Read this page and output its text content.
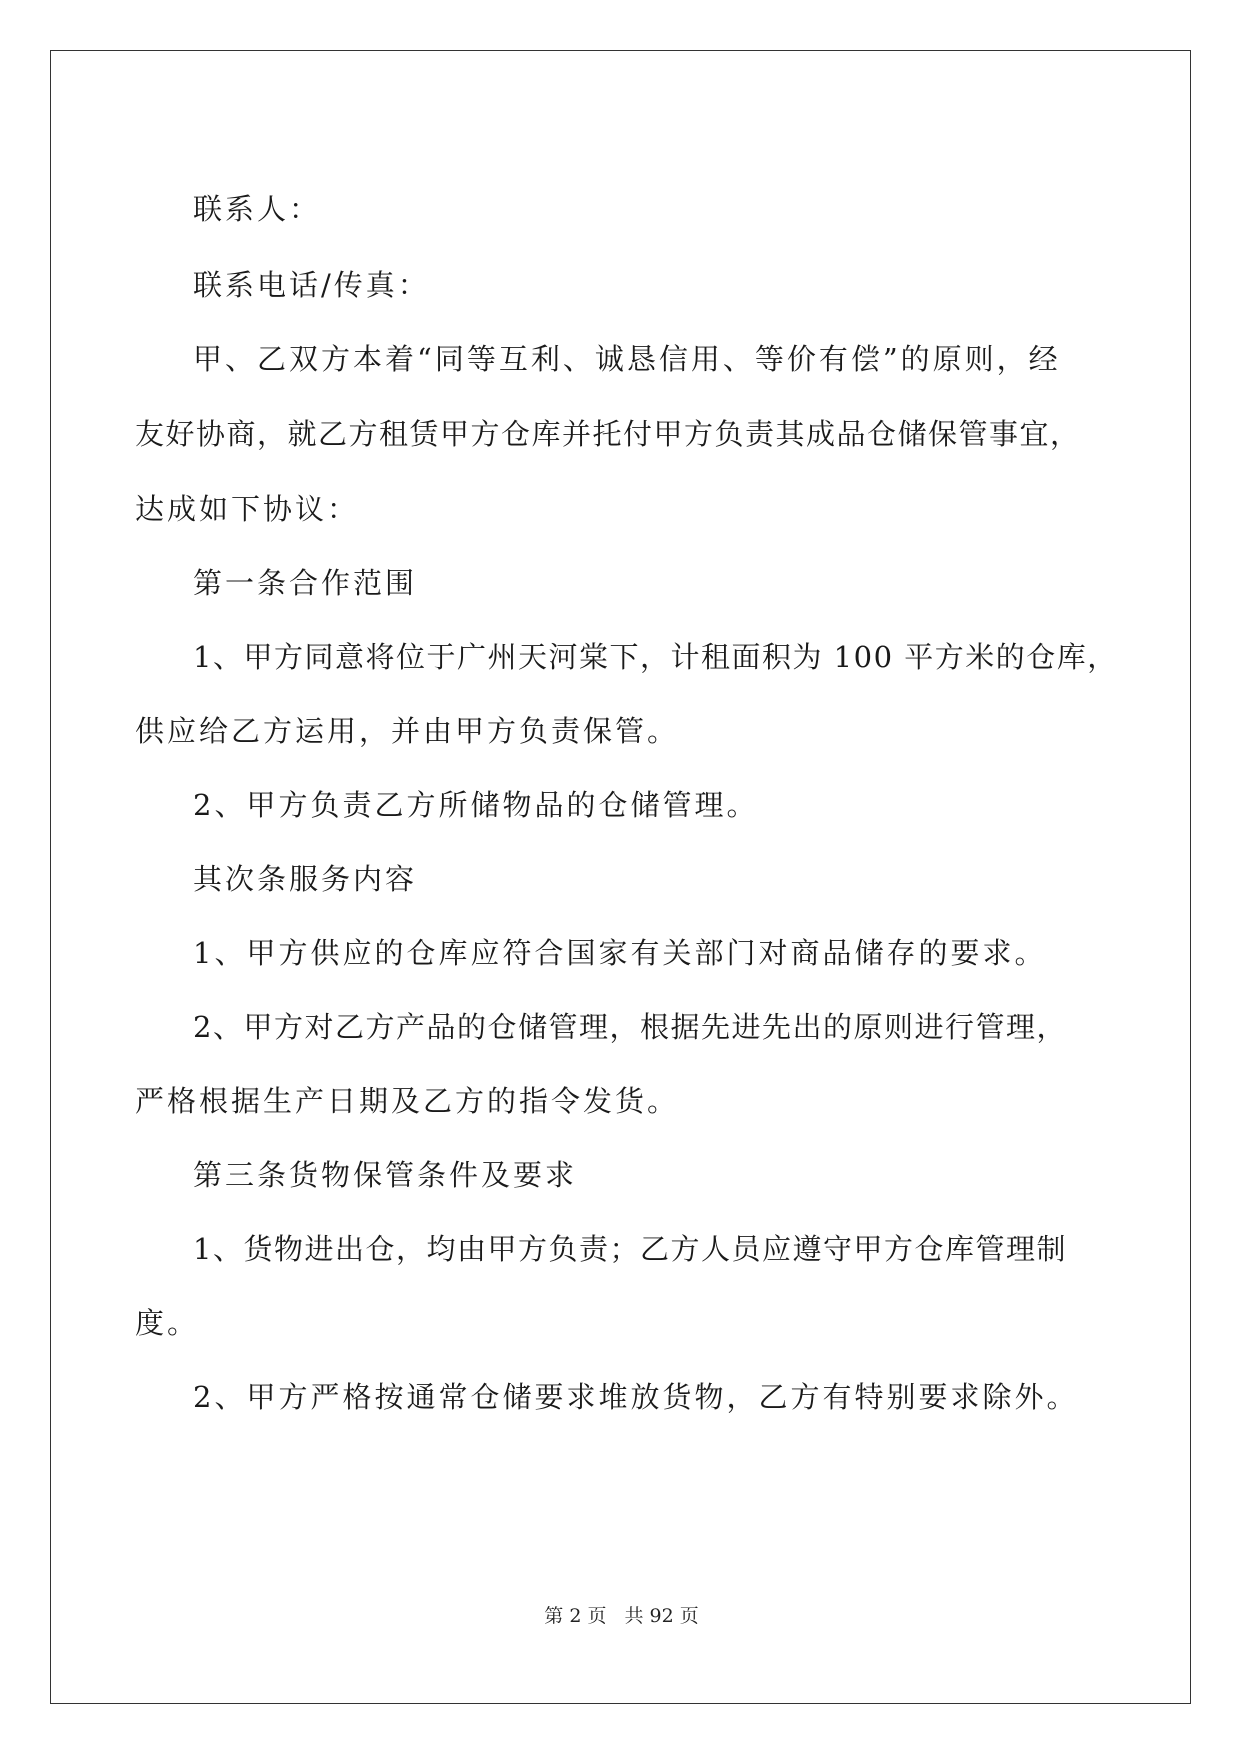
联系人：
联系电话/传真：
甲、乙双方本着“同等互利、诚恳信用、等价有偿”的原则，经
友好协商，就乙方租赁甲方仓库并托付甲方负责其成品仓储保管事宜，
达成如下协议：
第一条合作范围
1、甲方同意将位于广州天河棠下，计租面积为 100 平方米的仓库，
供应给乙方运用，并由甲方负责保管。
2、甲方负责乙方所储物品的仓储管理。
其次条服务内容
1、甲方供应的仓库应符合国家有关部门对商品储存的要求。
2、甲方对乙方产品的仓储管理，根据先进先出的原则进行管理，
严格根据生产日期及乙方的指令发货。
第三条货物保管条件及要求
1、货物进出仓，均由甲方负责；乙方人员应遵守甲方仓库管理制
度。
2、甲方严格按通常仓储要求堆放货物，乙方有特别要求除外。
第 2 页 共 92 页
